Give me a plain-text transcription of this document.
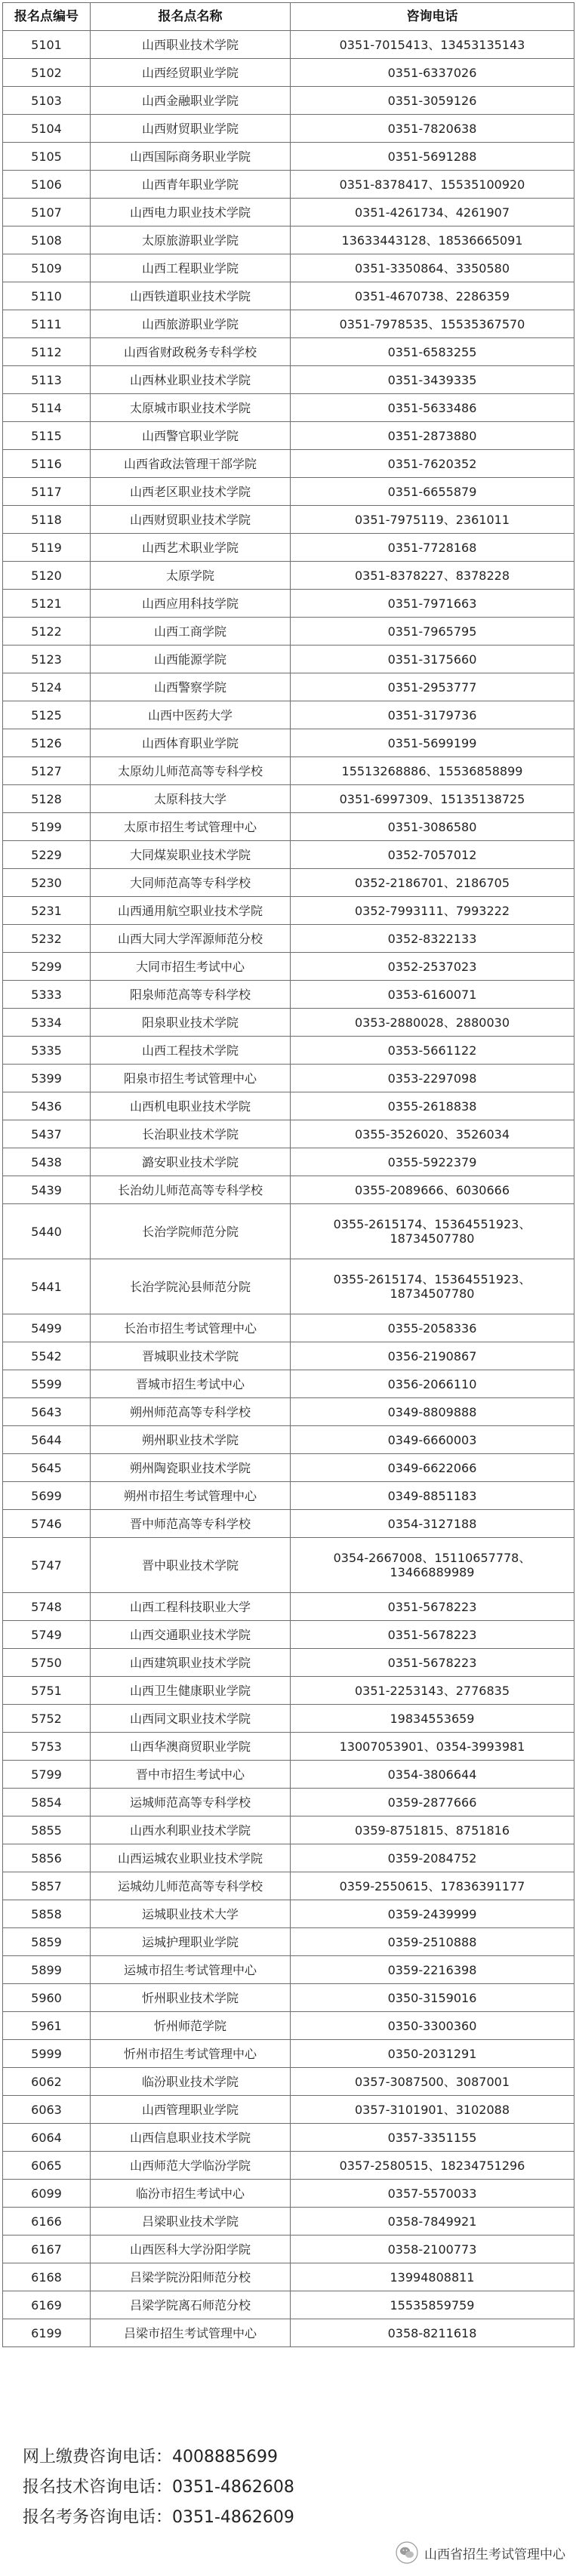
报名点编号	报名点名称	咨询电话
5101	山西职业技术学院	0351-7015413、13453135143
5102	山西经贸职业学院	0351-6337026
5103	山西金融职业学院	0351-3059126
5104	山西财贸职业学院	0351-7820638
5105	山西国际商务职业学院	0351-5691288
5106	山西青年职业学院	0351-8378417、15535100920
5107	山西电力职业技术学院	0351-4261734、4261907
5108	太原旅游职业学院	13633443128、18536665091
5109	山西工程职业学院	0351-3350864、3350580
5110	山西铁道职业技术学院	0351-4670738、2286359
5111	山西旅游职业学院	0351-7978535、15535367570
5112	山西省财政税务专科学校	0351-6583255
5113	山西林业职业技术学院	0351-3439335
5114	太原城市职业技术学院	0351-5633486
5115	山西警官职业学院	0351-2873880
5116	山西省政法管理干部学院	0351-7620352
5117	山西老区职业技术学院	0351-6655879
5118	山西财贸职业技术学院	0351-7975119、2361011
5119	山西艺术职业学院	0351-7728168
5120	太原学院	0351-8378227、8378228
5121	山西应用科技学院	0351-7971663
5122	山西工商学院	0351-7965795
5123	山西能源学院	0351-3175660
5124	山西警察学院	0351-2953777
5125	山西中医药大学	0351-3179736
5126	山西体育职业学院	0351-5699199
5127	太原幼儿师范高等专科学校	15513268886、15536858899
5128	太原科技大学	0351-6997309、15135138725
5199	太原市招生考试管理中心	0351-3086580
5229	大同煤炭职业技术学院	0352-7057012
5230	大同师范高等专科学校	0352-2186701、2186705
5231	山西通用航空职业技术学院	0352-7993111、7993222
5232	山西大同大学浑源师范分校	0352-8322133
5299	大同市招生考试中心	0352-2537023
5333	阳泉师范高等专科学校	0353-6160071
5334	阳泉职业技术学院	0353-2880028、2880030
5335	山西工程技术学院	0353-5661122
5399	阳泉市招生考试管理中心	0353-2297098
5436	山西机电职业技术学院	0355-2618838
5437	长治职业技术学院	0355-3526020、3526034
5438	潞安职业技术学院	0355-5922379
5439	长治幼儿师范高等专科学校	0355-2089666、6030666
5440	长治学院师范分院	0355-2615174、15364551923、
18734507780
5441	长治学院沁县师范分院	0355-2615174、15364551923、
18734507780
5499	长治市招生考试管理中心	0355-2058336
5542	晋城职业技术学院	0356-2190867
5599	晋城市招生考试中心	0356-2066110
5643	朔州师范高等专科学校	0349-8809888
5644	朔州职业技术学院	0349-6660003
5645	朔州陶瓷职业技术学院	0349-6622066
5699	朔州市招生考试管理中心	0349-8851183
5746	晋中师范高等专科学校	0354-3127188
5747	晋中职业技术学院	0354-2667008、15110657778、
13466889989
5748	山西工程科技职业大学	0351-5678223
5749	山西交通职业技术学院	0351-5678223
5750	山西建筑职业技术学院	0351-5678223
5751	山西卫生健康职业学院	0351-2253143、2776835
5752	山西同文职业技术学院	19834553659
5753	山西华澳商贸职业学院	13007053901、0354-3993981
5799	晋中市招生考试中心	0354-3806644
5854	运城师范高等专科学校	0359-2877666
5855	山西水利职业技术学院	0359-8751815、8751816
5856	山西运城农业职业技术学院	0359-2084752
5857	运城幼儿师范高等专科学校	0359-2550615、17836391177
5858	运城职业技术大学	0359-2439999
5859	运城护理职业学院	0359-2510888
5899	运城市招生考试管理中心	0359-2216398
5960	忻州职业技术学院	0350-3159016
5961	忻州师范学院	0350-3300360
5999	忻州市招生考试管理中心	0350-2031291
6062	临汾职业技术学院	0357-3087500、3087001
6063	山西管理职业学院	0357-3101901、3102088
6064	山西信息职业技术学院	0357-3351155
6065	山西师范大学临汾学院	0357-2580515、18234751296
6099	临汾市招生考试中心	0357-5570033
6166	吕梁职业技术学院	0358-7849921
6167	山西医科大学汾阳学院	0358-2100773
6168	吕梁学院汾阳师范分校	13994808811
6169	吕梁学院离石师范分校	15535859759
6199	吕梁市招生考试管理中心	0358-8211618
网上缴费咨询电话：4008885699
报名技术咨询电话：0351-4862608
报名考务咨询电话：0351-4862609
山西省招生考试管理中心
